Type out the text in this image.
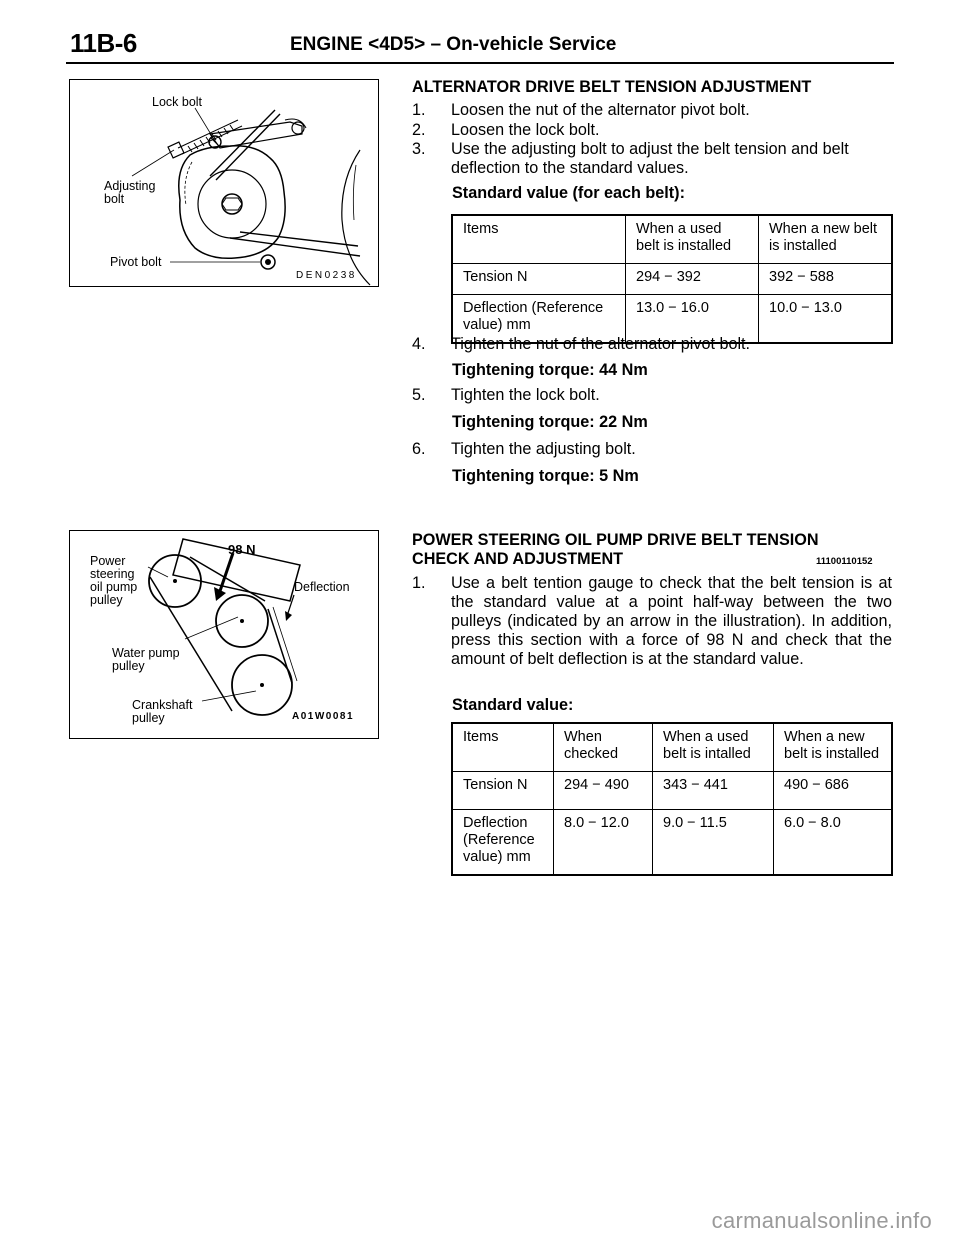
11B-6	ENGINE <4D5> – On-vehicle Service
Lock bolt
Adjusting
bolt
Pivot bolt
DEN0238
ALTERNATOR DRIVE BELT TENSION ADJUSTMENT
1. Loosen the nut of the alternator pivot bolt.
2. Loosen the lock bolt.
3. Use the adjusting bolt to adjust the belt tension and belt deflection to the standard values.
Standard value (for each belt):
Items	When a used belt is installed	When a new belt is installed
Tension N	294 − 392	392 − 588
Deflection (Reference value) mm	13.0 − 16.0	10.0 − 13.0
4. Tighten the nut of the alternator pivot bolt.
Tightening torque: 44 Nm
5. Tighten the lock bolt.
Tightening torque: 22 Nm
6. Tighten the adjusting bolt.
Tightening torque: 5 Nm
98 N
Power
steering
oil pump
pulley
Deflection
Water pump
pulley
Crankshaft
pulley	A01W0081
POWER STEERING OIL PUMP DRIVE BELT TENSION
CHECK AND ADJUSTMENT	11100110152
1. Use a belt tention gauge to check that the belt tension is at the standard value at a point half-way between the two pulleys (indicated by an arrow in the illustration). In addition, press this section with a force of 98 N and check that the amount of belt deflection is at the standard value.
Standard value:
Items	When checked	When a used belt is intalled	When a new belt is installed
Tension N	294 − 490	343 − 441	490 − 686
Deflection (Reference value) mm	8.0 − 12.0	9.0 − 11.5	6.0 − 8.0
carmanualsonline.info
